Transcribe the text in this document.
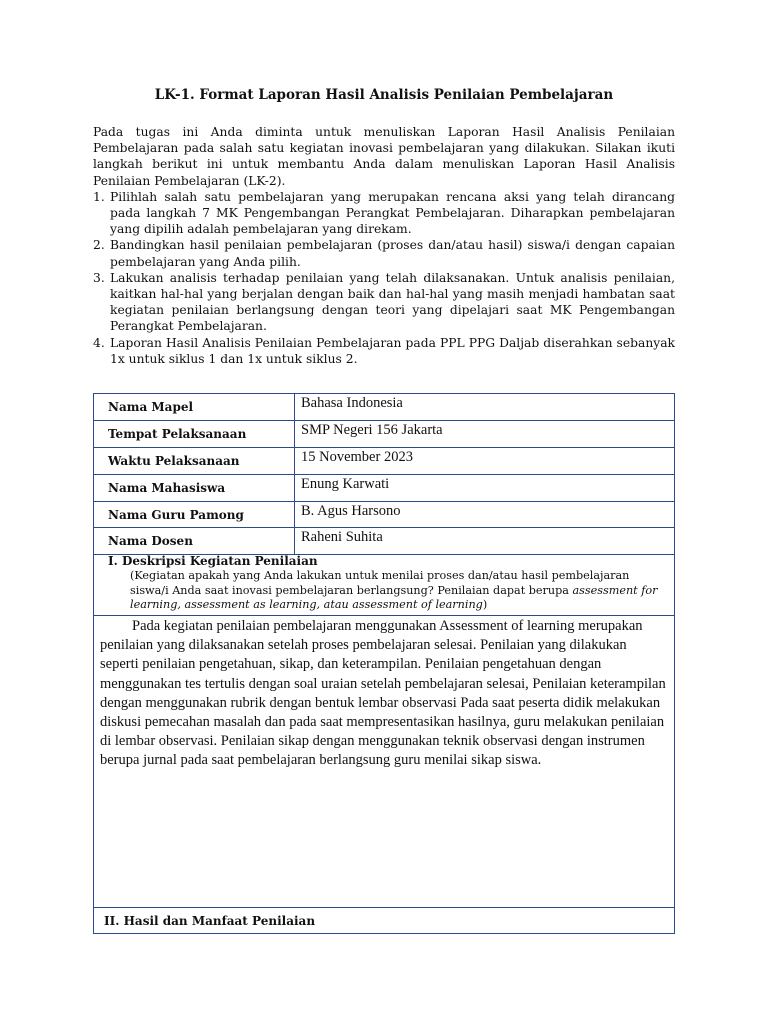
LK-1. Format Laporan Hasil Analisis Penilaian Pembelajaran

Pada tugas ini Anda diminta untuk menuliskan Laporan Hasil Analisis Penilaian Pembelajaran pada salah satu kegiatan inovasi pembelajaran yang dilakukan. Silakan ikuti langkah berikut ini untuk membantu Anda dalam menuliskan Laporan Hasil Analisis Penilaian Pembelajaran (LK-2).

1. Pilihlah salah satu pembelajaran yang merupakan rencana aksi yang telah dirancang pada langkah 7 MK Pengembangan Perangkat Pembelajaran. Diharapkan pembelajaran yang dipilih adalah pembelajaran yang direkam.
2. Bandingkan hasil penilaian pembelajaran (proses dan/atau hasil) siswa/i dengan capaian pembelajaran yang Anda pilih.
3. Lakukan analisis terhadap penilaian yang telah dilaksanakan. Untuk analisis penilaian, kaitkan hal-hal yang berjalan dengan baik dan hal-hal yang masih menjadi hambatan saat kegiatan penilaian berlangsung dengan teori yang dipelajari saat MK Pengembangan Perangkat Pembelajaran.
4. Laporan Hasil Analisis Penilaian Pembelajaran pada PPL PPG Daljab diserahkan sebanyak 1x untuk siklus 1 dan 1x untuk siklus 2.
Nama Mapel	Bahasa Indonesia
Tempat Pelaksanaan	SMP Negeri 156 Jakarta
Waktu Pelaksanaan	15 November 2023
Nama Mahasiswa	Enung Karwati
Nama Guru Pamong	B. Agus Harsono
Nama Dosen	Raheni Suhita
I. Deskripsi Kegiatan Penilaian
(Kegiatan apakah yang Anda lakukan untuk menilai proses dan/atau hasil pembelajaran siswa/i Anda saat inovasi pembelajaran berlangsung? Penilaian dapat berupa assessment for learning, assessment as learning, atau assessment of learning)

Pada kegiatan penilaian pembelajaran menggunakan Assessment of learning merupakan penilaian yang dilaksanakan setelah proses pembelajaran selesai. Penilaian yang dilakukan seperti penilaian pengetahuan, sikap, dan keterampilan. Penilaian pengetahuan dengan menggunakan tes tertulis dengan soal uraian setelah pembelajaran selesai, Penilaian keterampilan dengan menggunakan rubrik dengan bentuk lembar observasi Pada saat peserta didik melakukan diskusi pemecahan masalah dan pada saat mempresentasikan hasilnya, guru melakukan penilaian di lembar observasi. Penilaian sikap dengan menggunakan teknik observasi dengan instrumen berupa jurnal pada saat pembelajaran berlangsung guru menilai sikap siswa.

II. Hasil dan Manfaat Penilaian
